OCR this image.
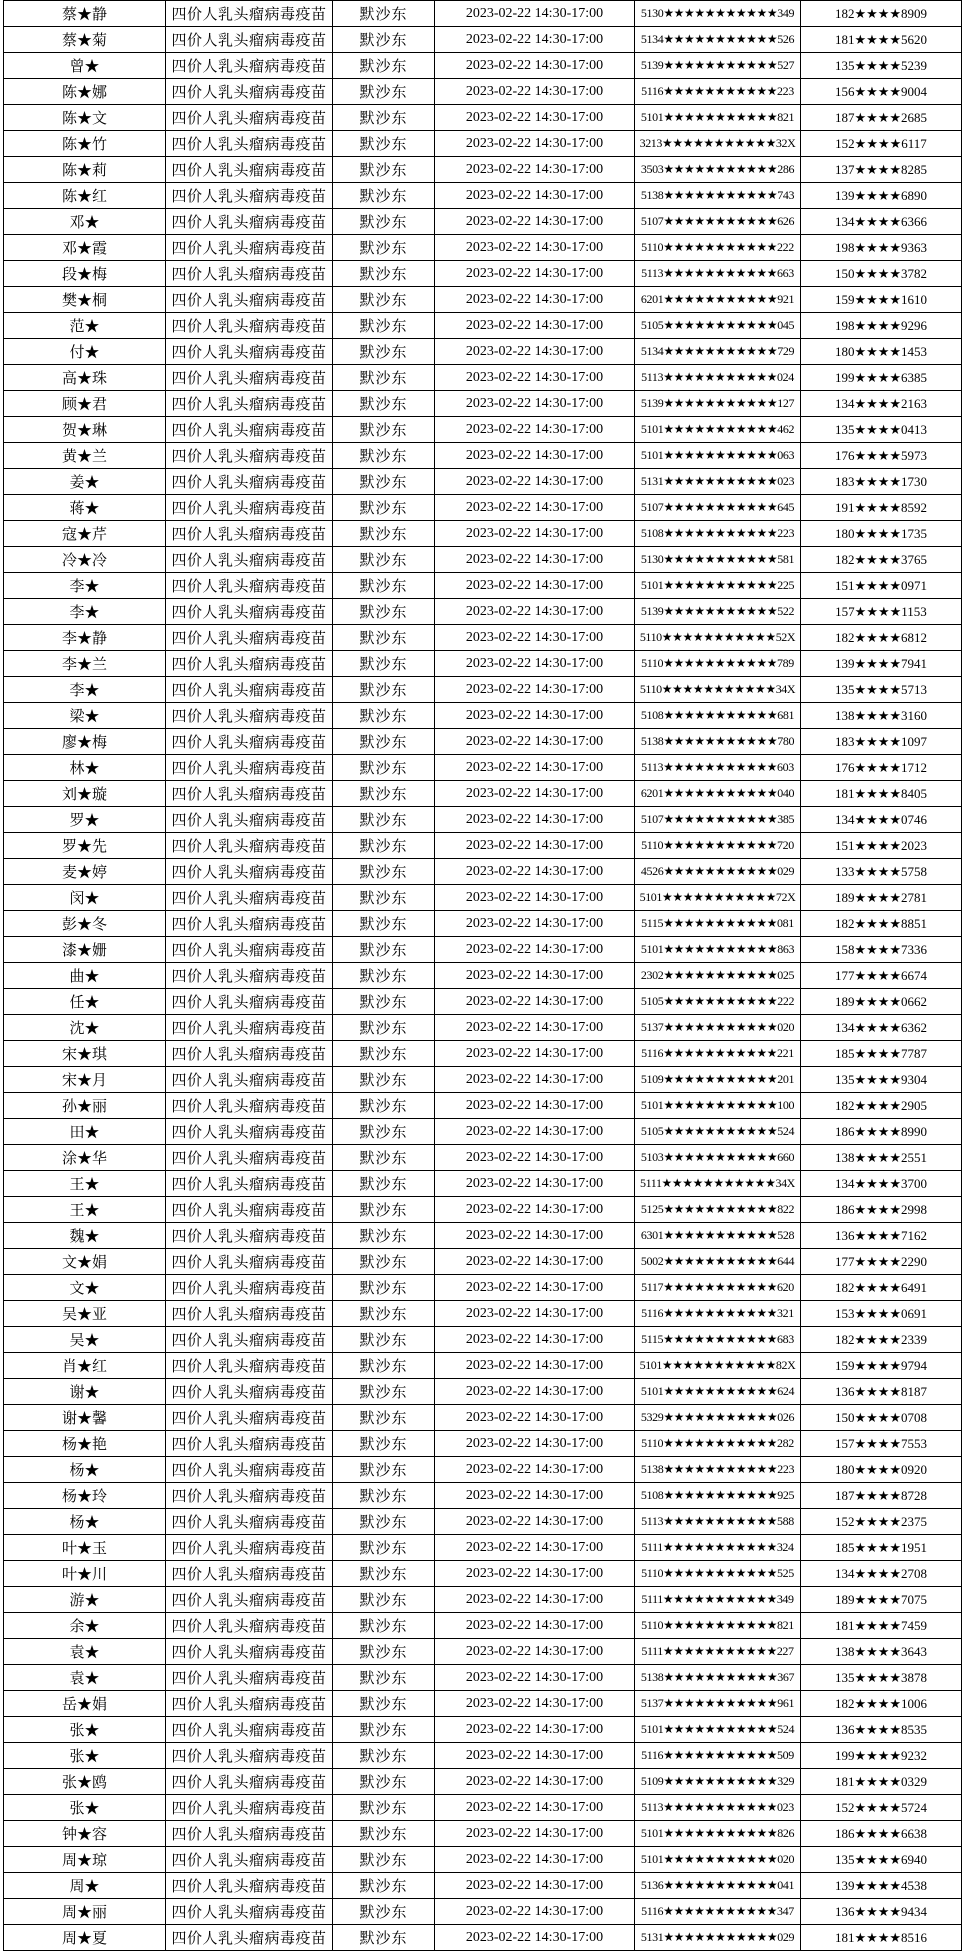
蔡★静	四价人乳头瘤病毒疫苗	默沙东	2023-02-22 14:30-17:00	5130★★★★★★★★★★★349	182★★★★8909
蔡★菊	四价人乳头瘤病毒疫苗	默沙东	2023-02-22 14:30-17:00	5134★★★★★★★★★★★526	181★★★★5620
曾★	四价人乳头瘤病毒疫苗	默沙东	2023-02-22 14:30-17:00	5139★★★★★★★★★★★527	135★★★★5239
陈★娜	四价人乳头瘤病毒疫苗	默沙东	2023-02-22 14:30-17:00	5116★★★★★★★★★★★223	156★★★★9004
陈★文	四价人乳头瘤病毒疫苗	默沙东	2023-02-22 14:30-17:00	5101★★★★★★★★★★★821	187★★★★2685
陈★竹	四价人乳头瘤病毒疫苗	默沙东	2023-02-22 14:30-17:00	3213★★★★★★★★★★★32X	152★★★★6117
陈★莉	四价人乳头瘤病毒疫苗	默沙东	2023-02-22 14:30-17:00	3503★★★★★★★★★★★286	137★★★★8285
陈★红	四价人乳头瘤病毒疫苗	默沙东	2023-02-22 14:30-17:00	5138★★★★★★★★★★★743	139★★★★6890
邓★	四价人乳头瘤病毒疫苗	默沙东	2023-02-22 14:30-17:00	5107★★★★★★★★★★★626	134★★★★6366
邓★霞	四价人乳头瘤病毒疫苗	默沙东	2023-02-22 14:30-17:00	5110★★★★★★★★★★★222	198★★★★9363
段★梅	四价人乳头瘤病毒疫苗	默沙东	2023-02-22 14:30-17:00	5113★★★★★★★★★★★663	150★★★★3782
樊★桐	四价人乳头瘤病毒疫苗	默沙东	2023-02-22 14:30-17:00	6201★★★★★★★★★★★921	159★★★★1610
范★	四价人乳头瘤病毒疫苗	默沙东	2023-02-22 14:30-17:00	5105★★★★★★★★★★★045	198★★★★9296
付★	四价人乳头瘤病毒疫苗	默沙东	2023-02-22 14:30-17:00	5134★★★★★★★★★★★729	180★★★★1453
高★珠	四价人乳头瘤病毒疫苗	默沙东	2023-02-22 14:30-17:00	5113★★★★★★★★★★★024	199★★★★6385
顾★君	四价人乳头瘤病毒疫苗	默沙东	2023-02-22 14:30-17:00	5139★★★★★★★★★★★127	134★★★★2163
贺★琳	四价人乳头瘤病毒疫苗	默沙东	2023-02-22 14:30-17:00	5101★★★★★★★★★★★462	135★★★★0413
黄★兰	四价人乳头瘤病毒疫苗	默沙东	2023-02-22 14:30-17:00	5101★★★★★★★★★★★063	176★★★★5973
姜★	四价人乳头瘤病毒疫苗	默沙东	2023-02-22 14:30-17:00	5131★★★★★★★★★★★023	183★★★★1730
蒋★	四价人乳头瘤病毒疫苗	默沙东	2023-02-22 14:30-17:00	5107★★★★★★★★★★★645	191★★★★8592
寇★芹	四价人乳头瘤病毒疫苗	默沙东	2023-02-22 14:30-17:00	5108★★★★★★★★★★★223	180★★★★1735
冷★冷	四价人乳头瘤病毒疫苗	默沙东	2023-02-22 14:30-17:00	5130★★★★★★★★★★★581	182★★★★3765
李★	四价人乳头瘤病毒疫苗	默沙东	2023-02-22 14:30-17:00	5101★★★★★★★★★★★225	151★★★★0971
李★	四价人乳头瘤病毒疫苗	默沙东	2023-02-22 14:30-17:00	5139★★★★★★★★★★★522	157★★★★1153
李★静	四价人乳头瘤病毒疫苗	默沙东	2023-02-22 14:30-17:00	5110★★★★★★★★★★★52X	182★★★★6812
李★兰	四价人乳头瘤病毒疫苗	默沙东	2023-02-22 14:30-17:00	5110★★★★★★★★★★★789	139★★★★7941
李★	四价人乳头瘤病毒疫苗	默沙东	2023-02-22 14:30-17:00	5110★★★★★★★★★★★34X	135★★★★5713
梁★	四价人乳头瘤病毒疫苗	默沙东	2023-02-22 14:30-17:00	5108★★★★★★★★★★★681	138★★★★3160
廖★梅	四价人乳头瘤病毒疫苗	默沙东	2023-02-22 14:30-17:00	5138★★★★★★★★★★★780	183★★★★1097
林★	四价人乳头瘤病毒疫苗	默沙东	2023-02-22 14:30-17:00	5113★★★★★★★★★★★603	176★★★★1712
刘★璇	四价人乳头瘤病毒疫苗	默沙东	2023-02-22 14:30-17:00	6201★★★★★★★★★★★040	181★★★★8405
罗★	四价人乳头瘤病毒疫苗	默沙东	2023-02-22 14:30-17:00	5107★★★★★★★★★★★385	134★★★★0746
罗★先	四价人乳头瘤病毒疫苗	默沙东	2023-02-22 14:30-17:00	5110★★★★★★★★★★★720	151★★★★2023
麦★婷	四价人乳头瘤病毒疫苗	默沙东	2023-02-22 14:30-17:00	4526★★★★★★★★★★★029	133★★★★5758
闵★	四价人乳头瘤病毒疫苗	默沙东	2023-02-22 14:30-17:00	5101★★★★★★★★★★★72X	189★★★★2781
彭★冬	四价人乳头瘤病毒疫苗	默沙东	2023-02-22 14:30-17:00	5115★★★★★★★★★★★081	182★★★★8851
漆★姗	四价人乳头瘤病毒疫苗	默沙东	2023-02-22 14:30-17:00	5101★★★★★★★★★★★863	158★★★★7336
曲★	四价人乳头瘤病毒疫苗	默沙东	2023-02-22 14:30-17:00	2302★★★★★★★★★★★025	177★★★★6674
任★	四价人乳头瘤病毒疫苗	默沙东	2023-02-22 14:30-17:00	5105★★★★★★★★★★★222	189★★★★0662
沈★	四价人乳头瘤病毒疫苗	默沙东	2023-02-22 14:30-17:00	5137★★★★★★★★★★★020	134★★★★6362
宋★琪	四价人乳头瘤病毒疫苗	默沙东	2023-02-22 14:30-17:00	5116★★★★★★★★★★★221	185★★★★7787
宋★月	四价人乳头瘤病毒疫苗	默沙东	2023-02-22 14:30-17:00	5109★★★★★★★★★★★201	135★★★★9304
孙★丽	四价人乳头瘤病毒疫苗	默沙东	2023-02-22 14:30-17:00	5101★★★★★★★★★★★100	182★★★★2905
田★	四价人乳头瘤病毒疫苗	默沙东	2023-02-22 14:30-17:00	5105★★★★★★★★★★★524	186★★★★8990
涂★华	四价人乳头瘤病毒疫苗	默沙东	2023-02-22 14:30-17:00	5103★★★★★★★★★★★660	138★★★★2551
王★	四价人乳头瘤病毒疫苗	默沙东	2023-02-22 14:30-17:00	5111★★★★★★★★★★★34X	134★★★★3700
王★	四价人乳头瘤病毒疫苗	默沙东	2023-02-22 14:30-17:00	5125★★★★★★★★★★★822	186★★★★2998
魏★	四价人乳头瘤病毒疫苗	默沙东	2023-02-22 14:30-17:00	6301★★★★★★★★★★★528	136★★★★7162
文★娟	四价人乳头瘤病毒疫苗	默沙东	2023-02-22 14:30-17:00	5002★★★★★★★★★★★644	177★★★★2290
文★	四价人乳头瘤病毒疫苗	默沙东	2023-02-22 14:30-17:00	5117★★★★★★★★★★★620	182★★★★6491
吴★亚	四价人乳头瘤病毒疫苗	默沙东	2023-02-22 14:30-17:00	5116★★★★★★★★★★★321	153★★★★0691
吴★	四价人乳头瘤病毒疫苗	默沙东	2023-02-22 14:30-17:00	5115★★★★★★★★★★★683	182★★★★2339
肖★红	四价人乳头瘤病毒疫苗	默沙东	2023-02-22 14:30-17:00	5101★★★★★★★★★★★82X	159★★★★9794
谢★	四价人乳头瘤病毒疫苗	默沙东	2023-02-22 14:30-17:00	5101★★★★★★★★★★★624	136★★★★8187
谢★馨	四价人乳头瘤病毒疫苗	默沙东	2023-02-22 14:30-17:00	5329★★★★★★★★★★★026	150★★★★0708
杨★艳	四价人乳头瘤病毒疫苗	默沙东	2023-02-22 14:30-17:00	5110★★★★★★★★★★★282	157★★★★7553
杨★	四价人乳头瘤病毒疫苗	默沙东	2023-02-22 14:30-17:00	5138★★★★★★★★★★★223	180★★★★0920
杨★玲	四价人乳头瘤病毒疫苗	默沙东	2023-02-22 14:30-17:00	5108★★★★★★★★★★★925	187★★★★8728
杨★	四价人乳头瘤病毒疫苗	默沙东	2023-02-22 14:30-17:00	5113★★★★★★★★★★★588	152★★★★2375
叶★玉	四价人乳头瘤病毒疫苗	默沙东	2023-02-22 14:30-17:00	5111★★★★★★★★★★★324	185★★★★1951
叶★川	四价人乳头瘤病毒疫苗	默沙东	2023-02-22 14:30-17:00	5110★★★★★★★★★★★525	134★★★★2708
游★	四价人乳头瘤病毒疫苗	默沙东	2023-02-22 14:30-17:00	5111★★★★★★★★★★★349	189★★★★7075
余★	四价人乳头瘤病毒疫苗	默沙东	2023-02-22 14:30-17:00	5110★★★★★★★★★★★821	181★★★★7459
袁★	四价人乳头瘤病毒疫苗	默沙东	2023-02-22 14:30-17:00	5111★★★★★★★★★★★227	138★★★★3643
袁★	四价人乳头瘤病毒疫苗	默沙东	2023-02-22 14:30-17:00	5138★★★★★★★★★★★367	135★★★★3878
岳★娟	四价人乳头瘤病毒疫苗	默沙东	2023-02-22 14:30-17:00	5137★★★★★★★★★★★961	182★★★★1006
张★	四价人乳头瘤病毒疫苗	默沙东	2023-02-22 14:30-17:00	5101★★★★★★★★★★★524	136★★★★8535
张★	四价人乳头瘤病毒疫苗	默沙东	2023-02-22 14:30-17:00	5116★★★★★★★★★★★509	199★★★★9232
张★鸥	四价人乳头瘤病毒疫苗	默沙东	2023-02-22 14:30-17:00	5109★★★★★★★★★★★329	181★★★★0329
张★	四价人乳头瘤病毒疫苗	默沙东	2023-02-22 14:30-17:00	5113★★★★★★★★★★★023	152★★★★5724
钟★容	四价人乳头瘤病毒疫苗	默沙东	2023-02-22 14:30-17:00	5101★★★★★★★★★★★826	186★★★★6638
周★琼	四价人乳头瘤病毒疫苗	默沙东	2023-02-22 14:30-17:00	5101★★★★★★★★★★★020	135★★★★6940
周★	四价人乳头瘤病毒疫苗	默沙东	2023-02-22 14:30-17:00	5136★★★★★★★★★★★041	139★★★★4538
周★丽	四价人乳头瘤病毒疫苗	默沙东	2023-02-22 14:30-17:00	5116★★★★★★★★★★★347	136★★★★9434
周★夏	四价人乳头瘤病毒疫苗	默沙东	2023-02-22 14:30-17:00	5131★★★★★★★★★★★029	181★★★★8516
